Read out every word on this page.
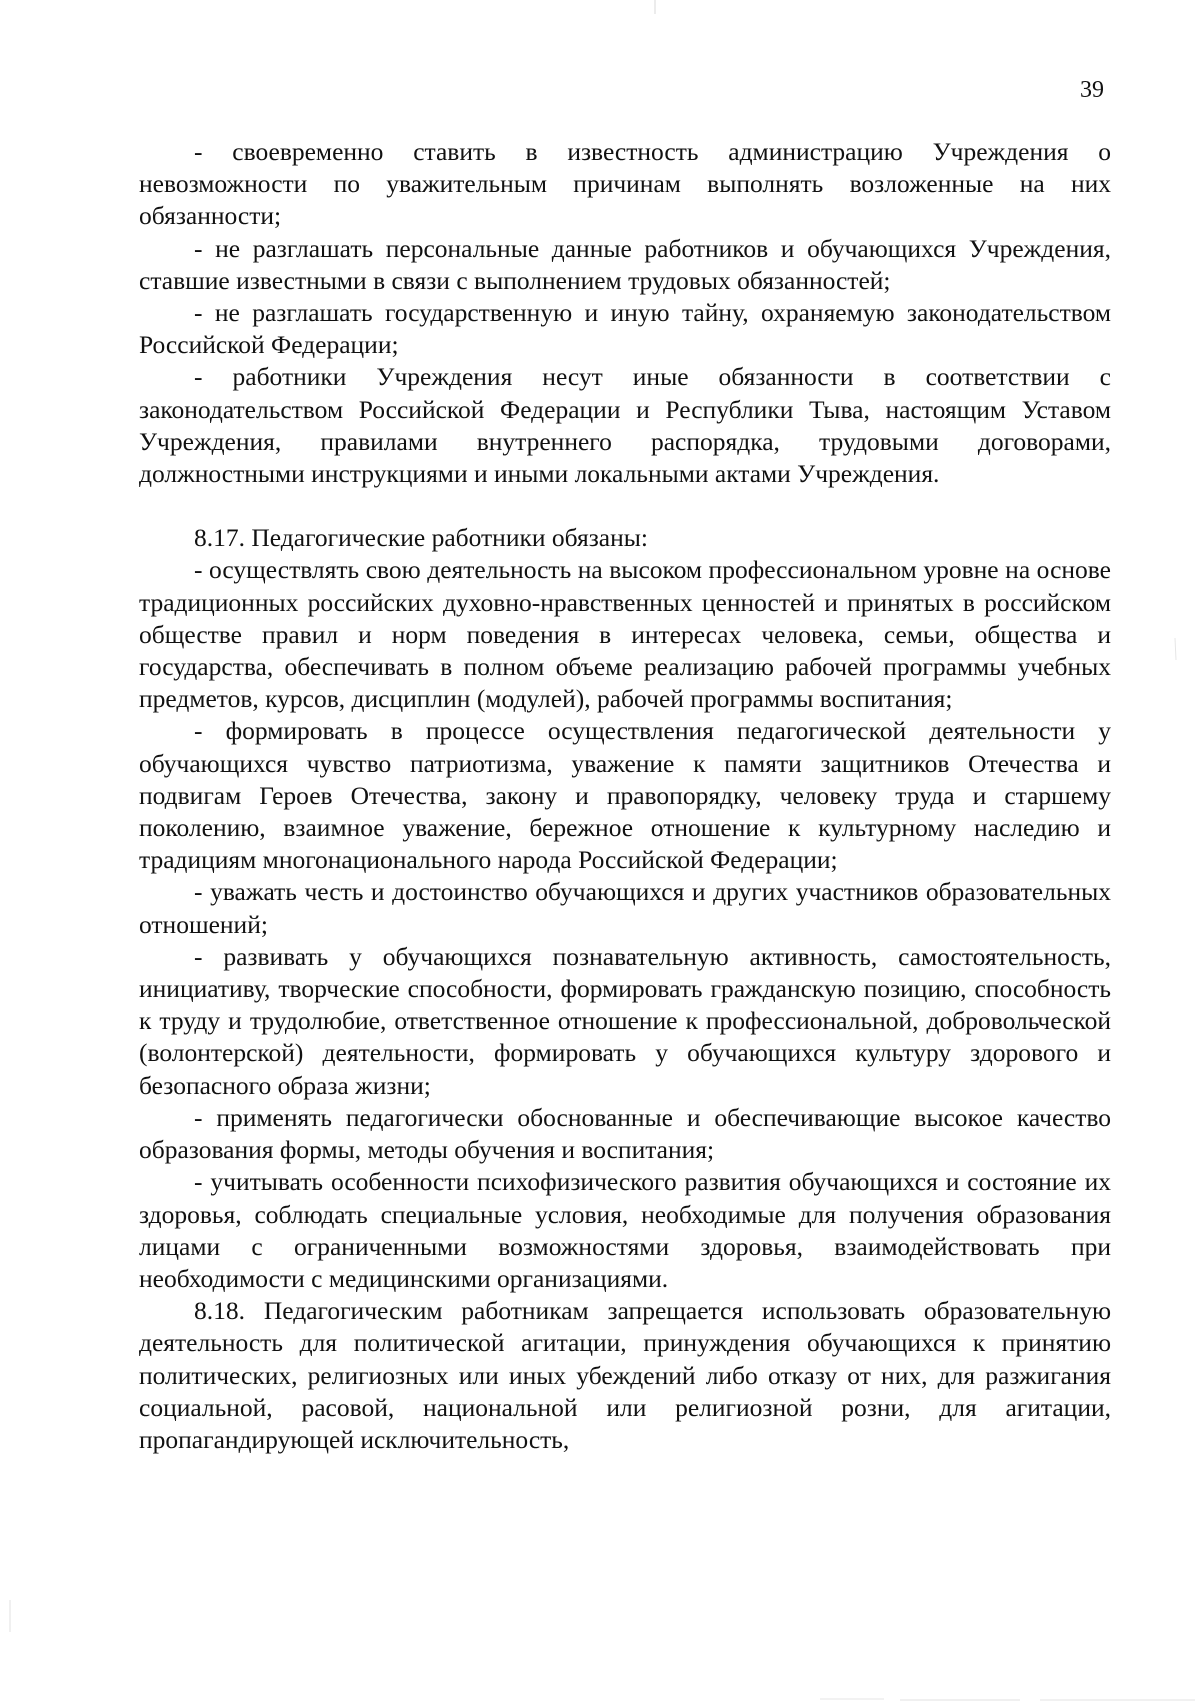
39

- своевременно ставить в известность администрацию Учреждения о невозможности по уважительным причинам выполнять возложенные на них обязанности;

- не разглашать персональные данные работников и обучающихся Учреждения, ставшие известными в связи с выполнением трудовых обязанностей;

- не разглашать государственную и иную тайну, охраняемую законодательством Российской Федерации;

- работники Учреждения несут иные обязанности в соответствии с законодательством Российской Федерации и Республики Тыва, настоящим Уставом Учреждения, правилами внутреннего распорядка, трудовыми договорами, должностными инструкциями и иными локальными актами Учреждения.

8.17. Педагогические работники обязаны:

- осуществлять свою деятельность на высоком профессиональном уровне на основе традиционных российских духовно-нравственных ценностей и принятых в российском обществе правил и норм поведения в интересах человека, семьи, общества и государства, обеспечивать в полном объеме реализацию рабочей программы учебных предметов, курсов, дисциплин (модулей), рабочей программы воспитания;

- формировать в процессе осуществления педагогической деятельности у обучающихся чувство патриотизма, уважение к памяти защитников Отечества и подвигам Героев Отечества, закону и правопорядку, человеку труда и старшему поколению, взаимное уважение, бережное отношение к культурному наследию и традициям многонационального народа Российской Федерации;

- уважать честь и достоинство обучающихся и других участников образовательных отношений;

- развивать у обучающихся познавательную активность, самостоятельность, инициативу, творческие способности, формировать гражданскую позицию, способность к труду и трудолюбие, ответственное отношение к профессиональной, добровольческой (волонтерской) деятельности, формировать у обучающихся культуру здорового и безопасного образа жизни;

- применять педагогически обоснованные и обеспечивающие высокое качество образования формы, методы обучения и воспитания;

- учитывать особенности психофизического развития обучающихся и состояние их здоровья, соблюдать специальные условия, необходимые для получения образования лицами с ограниченными возможностями здоровья, взаимодействовать при необходимости с медицинскими организациями.

8.18. Педагогическим работникам запрещается использовать образовательную деятельность для политической агитации, принуждения обучающихся к принятию политических, религиозных или иных убеждений либо отказу от них, для разжигания социальной, расовой, национальной или религиозной розни, для агитации, пропагандирующей исключительность,
